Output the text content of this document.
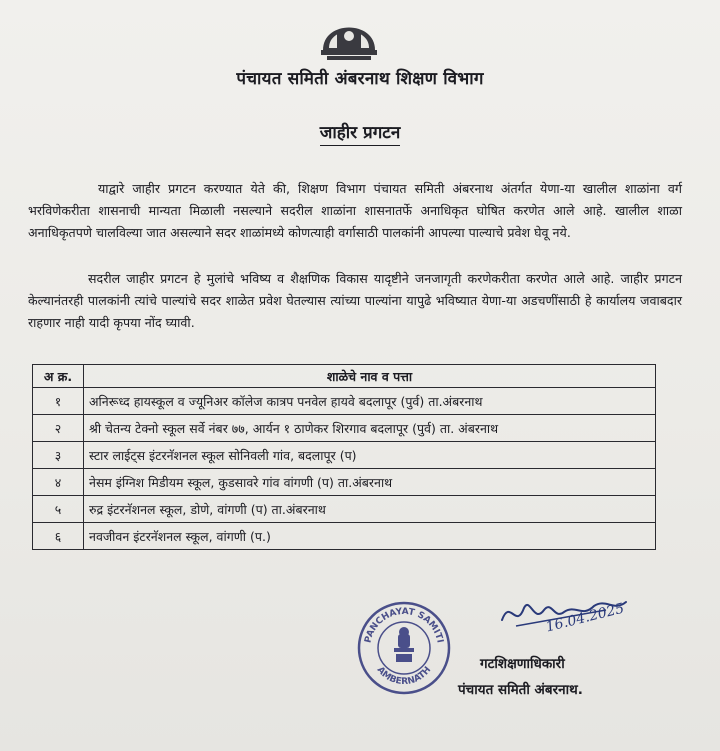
पंचायत समिती अंबरनाथ शिक्षण विभाग
जाहीर प्रगटन
याद्वारे जाहीर प्रगटन करण्यात येते की, शिक्षण विभाग पंचायत समिती अंबरनाथ अंतर्गत येणा-या खालील शाळांना वर्ग भरविणेकरीता शासनाची मान्यता मिळाली नसल्याने सदरील शाळांना शासनातर्फे अनाधिकृत घोषित करणेत आले आहे. खालील शाळा अनाधिकृतपणे चालविल्या जात असल्याने सदर शाळांमध्ये कोणत्याही वर्गासाठी पालकांनी आपल्या पाल्याचे प्रवेश घेवू नये.
सदरील जाहीर प्रगटन हे मुलांचे भविष्य व शैक्षणिक विकास यादृष्टीने जनजागृती करणेकरीता करणेत आले आहे. जाहीर प्रगटन केल्यानंतरही पालकांनी त्यांचे पाल्यांचे सदर शाळेत प्रवेश घेतल्यास त्यांच्या पाल्यांना यापुढे भविष्यात येणा-या अडचणींसाठी हे कार्यालय जवाबदार राहणार नाही यादी कृपया नोंद घ्यावी.
अ क्र.	शाळेचे नाव व पत्ता
१	अनिरूध्द हायस्कूल व ज्यूनिअर कॉलेज कात्रप पनवेल हायवे बदलापूर (पुर्व) ता.अंबरनाथ
२	श्री चेतन्य टेक्नो स्कूल सर्वे नंबर ७७, आर्यन १ ठाणेकर शिरगाव बदलापूर (पुर्व) ता. अंबरनाथ
३	स्टार लाईट्स इंटरनॅशनल स्कूल सोनिवली गांव, बदलापूर (प)
४	नेसम इंग्निश मिडीयम स्कूल, कुडसावरे गांव वांगणी (प) ता.अंबरनाथ
५	रुद्र इंटरनॅशनल स्कूल, डोणे, वांगणी (प) ता.अंबरनाथ
६	नवजीवन इंटरनॅशनल स्कूल, वांगणी (प.)
PANCHAYAT SAMITI
AMBERNATH
16.04.2025
गटशिक्षणाधिकारी
पंचायत समिती अंबरनाथ.
